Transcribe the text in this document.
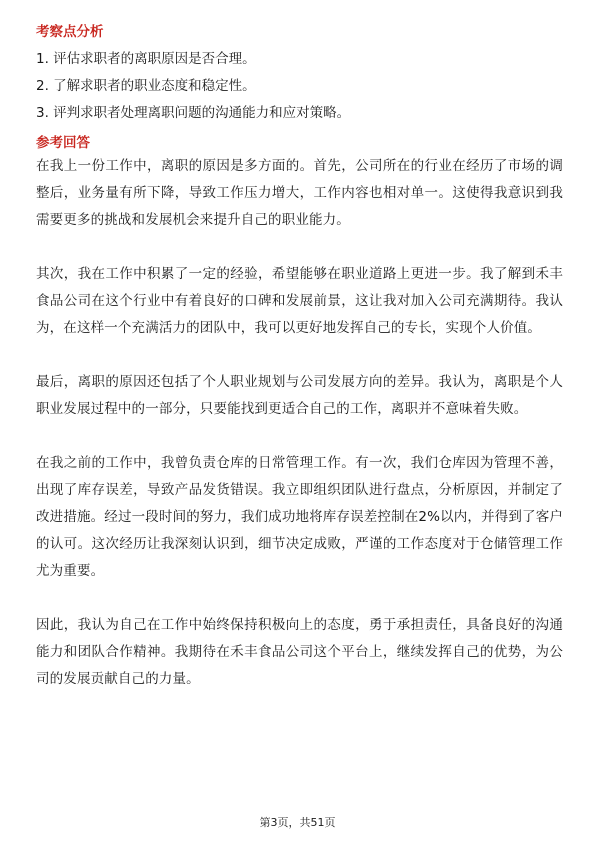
考察点分析
1. 评估求职者的离职原因是否合理。
2. 了解求职者的职业态度和稳定性。
3. 评判求职者处理离职问题的沟通能力和应对策略。
参考回答

在我上一份工作中，离职的原因是多方面的。首先，公司所在的行业在经历了市场的调整后，业务量有所下降，导致工作压力增大，工作内容也相对单一。这使得我意识到我需要更多的挑战和发展机会来提升自己的职业能力。

其次，我在工作中积累了一定的经验，希望能够在职业道路上更进一步。我了解到禾丰食品公司在这个行业中有着良好的口碑和发展前景，这让我对加入公司充满期待。我认为，在这样一个充满活力的团队中，我可以更好地发挥自己的专长，实现个人价值。

最后，离职的原因还包括了个人职业规划与公司发展方向的差异。我认为，离职是个人职业发展过程中的一部分，只要能找到更适合自己的工作，离职并不意味着失败。

在我之前的工作中，我曾负责仓库的日常管理工作。有一次，我们仓库因为管理不善，出现了库存误差，导致产品发货错误。我立即组织团队进行盘点，分析原因，并制定了改进措施。经过一段时间的努力，我们成功地将库存误差控制在2%以内，并得到了客户的认可。这次经历让我深刻认识到，细节决定成败，严谨的工作态度对于仓储管理工作尤为重要。

因此，我认为自己在工作中始终保持积极向上的态度，勇于承担责任，具备良好的沟通能力和团队合作精神。我期待在禾丰食品公司这个平台上，继续发挥自己的优势，为公司的发展贡献自己的力量。

第3页，共51页
